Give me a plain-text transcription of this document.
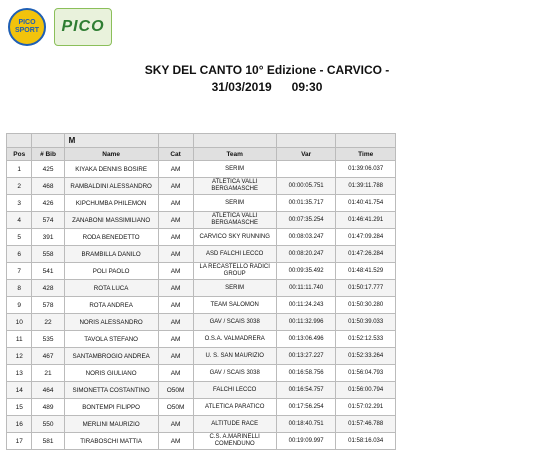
PICO
SPORT	PICO
SKY DEL CANTO 10° Edizione - CARVICO -
31/03/2019 09:30
		M				
Pos	# Bib	Name	Cat	Team	Var	Time
1	425	KIYAKA DENNIS BOSIRE	AM	SERIM		01:39:06.037
2	468	RAMBALDINI ALESSANDRO	AM	ATLETICA VALLI BERGAMASCHE	00:00:05.751	01:39:11.788
3	426	KIPCHUMBA PHILEMON	AM	SERIM	00:01:35.717	01:40:41.754
4	574	ZANABONI MASSIMILIANO	AM	ATLETICA VALLI BERGAMASCHE	00:07:35.254	01:46:41.291
5	391	RODA BENEDETTO	AM	CARVICO SKY RUNNING	00:08:03.247	01:47:09.284
6	558	BRAMBILLA DANILO	AM	ASD FALCHI LECCO	00:08:20.247	01:47:26.284
7	541	POLI PAOLO	AM	LA RECASTELLO RADICI GROUP	00:09:35.492	01:48:41.529
8	428	ROTA LUCA	AM	SERIM	00:11:11.740	01:50:17.777
9	578	ROTA ANDREA	AM	TEAM SALOMON	00:11:24.243	01:50:30.280
10	22	NORIS ALESSANDRO	AM	GAV / SCAIS 3038	00:11:32.996	01:50:39.033
11	535	TAVOLA STEFANO	AM	O.S.A. VALMADRERA	00:13:06.496	01:52:12.533
12	467	SANTAMBROGIO ANDREA	AM	U. S. SAN MAURIZIO	00:13:27.227	01:52:33.264
13	21	NORIS GIULIANO	AM	GAV / SCAIS 3038	00:16:58.756	01:56:04.793
14	464	SIMONETTA COSTANTINO	O50M	FALCHI LECCO	00:16:54.757	01:56:00.794
15	489	BONTEMPI FILIPPO	O50M	ATLETICA PARATICO	00:17:56.254	01:57:02.291
16	550	MERLINI MAURIZIO	AM	ALTITUDE RACE	00:18:40.751	01:57:46.788
17	581	TIRABOSCHI MATTIA	AM	C.S. A.MARINELLI COMENDUNO	00:19:09.997	01:58:16.034
